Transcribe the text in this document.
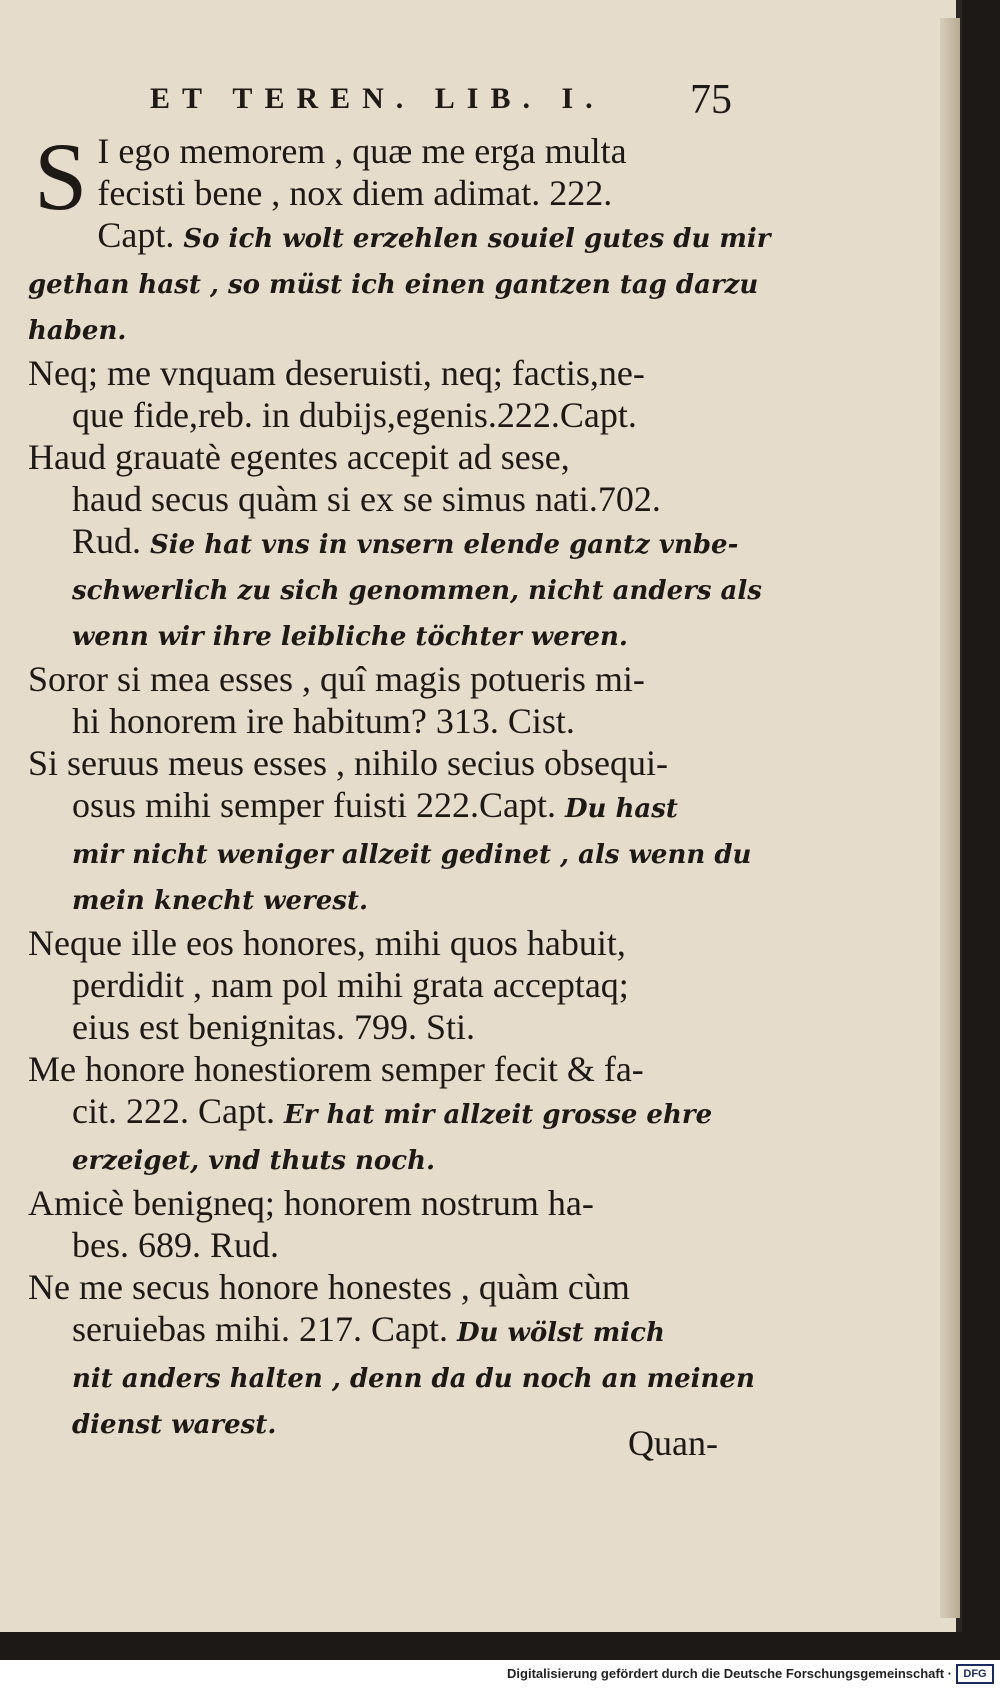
ET TEREN. LIB. I.	75
S I ego memorem , quæ me erga multa
fecisti bene , nox diem adimat. 222.
Capt. So ich wolt erzehlen souiel gutes du mir
gethan hast , so müst ich einen gantzen tag darzu
haben.
Neq; me vnquam deseruisti, neq; factis,ne-
que fide,reb. in dubijs,egenis.222.Capt.
Haud grauatè egentes accepit ad sese,
haud secus quàm si ex se simus nati.702.
Rud. Sie hat vns in vnsern elende gantz vnbe-
schwerlich zu sich genommen, nicht anders als
wenn wir ihre leibliche töchter weren.
Soror si mea esses , quî magis potueris mi-
hi honorem ire habitum? 313. Cist.
Si seruus meus esses , nihilo secius obsequi-
osus mihi semper fuisti 222.Capt. Du hast
mir nicht weniger allzeit gedinet , als wenn du
mein knecht werest.
Neque ille eos honores, mihi quos habuit,
perdidit , nam pol mihi grata acceptaq;
eius est benignitas. 799. Sti.
Me honore honestiorem semper fecit & fa-
cit. 222. Capt. Er hat mir allzeit grosse ehre
erzeiget, vnd thuts noch.
Amicè benigneq; honorem nostrum ha-
bes. 689. Rud.
Ne me secus honore honestes , quàm cùm
seruiebas mihi. 217. Capt. Du wölst mich
nit anders halten , denn da du noch an meinen
dienst warest.	Quan-
Digitalisierung gefördert durch die Deutsche Forschungsgemeinschaft ·	DFG
